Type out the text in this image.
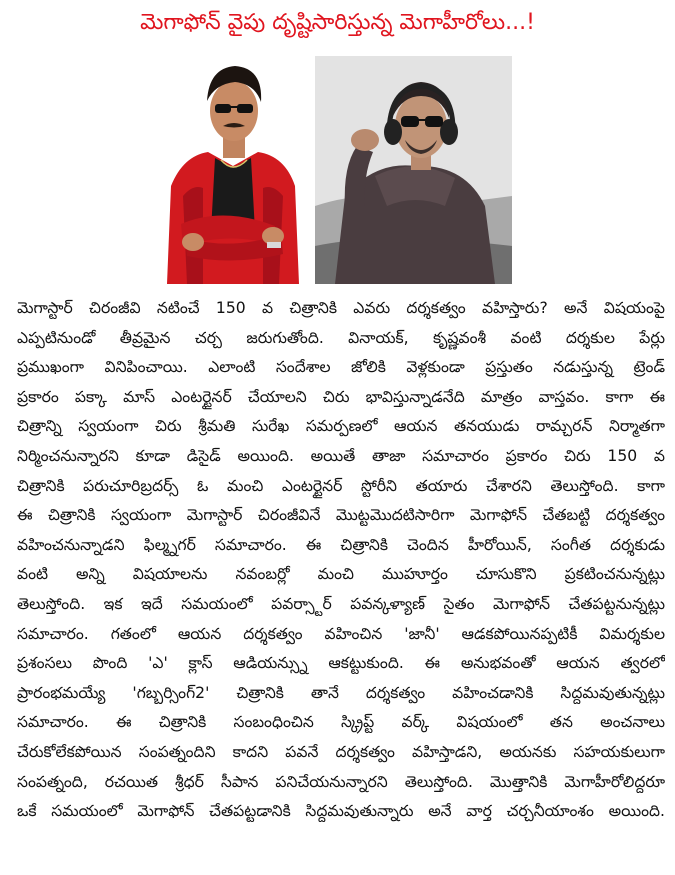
మెగాఫోన్ వైపు దృష్టిసారిస్తున్న మెగాహీరోలు...!
మెగాస్టార్ చిరంజీవి నటించే 150 వ చిత్రానికి ఎవరు దర్శకత్వం వహిస్తారు? అనే విషయంపై
ఎప్పటినుండో తీవ్రమైన చర్చ జరుగుతోంది. వినాయక్, కృష్ణవంశీ వంటి దర్శకుల పేర్లు
ప్రముఖంగా వినిపించాయి. ఎలాంటి సందేశాల జోలికి వెళ్లకుండా ప్రస్తుతం నడుస్తున్న ట్రెండ్
ప్రకారం పక్కా మాస్ ఎంటర్టైనర్ చేయాలని చిరు భావిస్తున్నాడనేది మాత్రం వాస్తవం. కాగా ఈ
చిత్రాన్ని స్వయంగా చిరు శ్రీమతి సురేఖ సమర్పణలో ఆయన తనయుడు రామ్చరన్ నిర్మాతగా
నిర్మించనున్నారని కూడా డిసైడ్ అయింది. అయితే తాజా సమాచారం ప్రకారం చిరు 150 వ
చిత్రానికి పరుచూరిబ్రదర్స్ ఓ మంచి ఎంటర్టైనర్ స్టోరీని తయారు చేశారని తెలుస్తోంది. కాగా
ఈ చిత్రానికి స్వయంగా మెగాస్టార్ చిరంజీవినే మొట్టమొదటిసారిగా మెగాఫోన్ చేతబట్టి దర్శకత్వం
వహించనున్నాడని ఫిల్మ్నగర్ సమాచారం. ఈ చిత్రానికి చెందిన హీరోయిన్, సంగీత దర్శకుడు
వంటి అన్ని విషయాలను నవంబర్లో మంచి ముహూర్తం చూసుకొని ప్రకటించనున్నట్లు
తెలుస్తోంది. ఇక ఇదే సమయంలో పవర్స్టార్ పవన్కళ్యాణ్ సైతం మెగాఫోన్ చేతపట్టనున్నట్లు
సమాచారం. గతంలో ఆయన దర్శకత్వం వహించిన 'జానీ' ఆడకపోయినప్పటికీ విమర్శకుల
ప్రశంసలు పొంది 'ఎ' క్లాస్ ఆడియన్స్ను ఆకట్టుకుంది. ఈ అనుభవంతో ఆయన త్వరలో
ప్రారంభమయ్యే 'గబ్బర్సింగ్2' చిత్రానికి తానే దర్శకత్వం వహించడానికి సిద్దమవుతున్నట్లు
సమాచారం. ఈ చిత్రానికి సంబంధించిన స్క్రిప్ట్ వర్క్ విషయంలో తన అంచనాలు
చేరుకోలేకపోయిన సంపత్నందిని కాదని పవనే దర్శకత్వం వహిస్తాడని, అయనకు సహయకులుగా
సంపత్నంది, రచయిత శ్రీధర్ సీపాన పనిచేయనున్నారని తెలుస్తోంది. మొత్తానికి మెగాహీరోలిద్దరూ
ఒకే సమయంలో మెగాఫోన్ చేతపట్టడానికి సిద్దమవుతున్నారు అనే వార్త చర్చనీయాంశం అయింది.
